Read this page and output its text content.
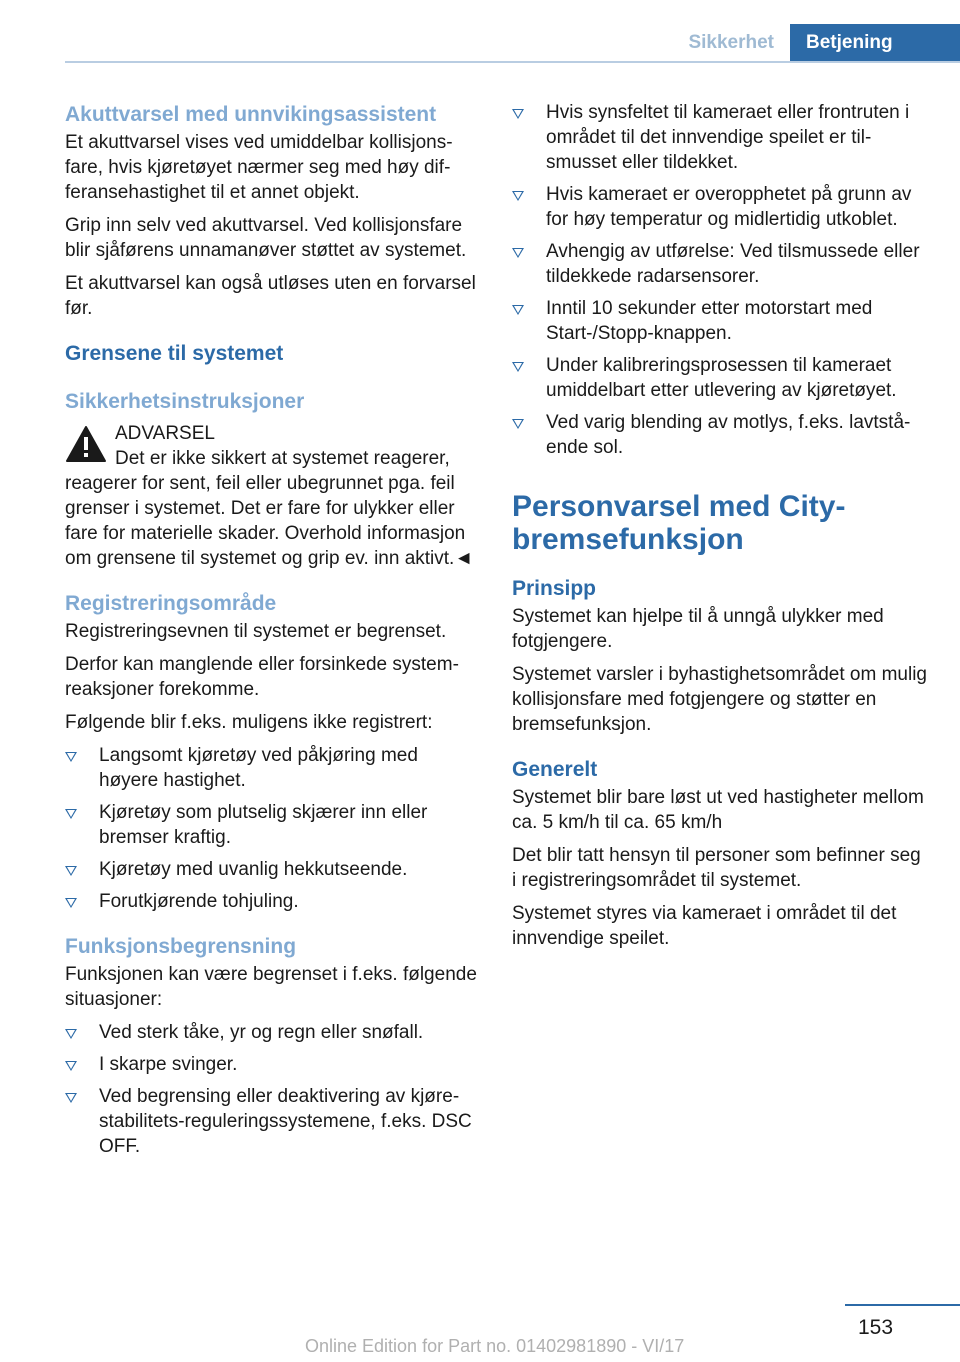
Sikkerhet	Betjening
Akuttvarsel med unnvikingsassistent

Et akuttvarsel vises ved umiddelbar kollisjonsfare, hvis kjøretøyet nærmer seg med høy differansehastighet til et annet objekt.

Grip inn selv ved akuttvarsel. Ved kollisjonsfare blir sjåførens unnamanøver støttet av systemet.

Et akuttvarsel kan også utløses uten en forvarsel før.

Grensene til systemet
Sikkerhetsinstruksjoner
ADVARSEL
Det er ikke sikkert at systemet reagerer,

reagerer for sent, feil eller ubegrunnet pga. feil grenser i systemet. Det er fare for ulykker eller fare for materielle skader. Overhold informasjon om grensene til systemet og grip ev. inn aktivt.◄

Registreringsområde

Registreringsevnen til systemet er begrenset.

Derfor kan manglende eller forsinkede systemreaksjoner forekomme.

Følgende blir f.eks. muligens ikke registrert:

Langsomt kjøretøy ved påkjøring med høyere hastighet.
Kjøretøy som plutselig skjærer inn eller bremser kraftig.
Kjøretøy med uvanlig hekkutseende.
Forutkjørende tohjuling.
Funksjonsbegrensning

Funksjonen kan være begrenset i f.eks. følgende situasjoner:

Ved sterk tåke, yr og regn eller snøfall.
I skarpe svinger.
Ved begrensing eller deaktivering av kjørestabilitets-reguleringssystemene, f.eks. DSC OFF.
Hvis synsfeltet til kameraet eller frontruten i området til det innvendige speilet er tilsmusset eller tildekket.
Hvis kameraet er overopphetet på grunn av for høy temperatur og midlertidig utkoblet.
Avhengig av utførelse: Ved tilsmussede eller tildekkede radarsensorer.
Inntil 10 sekunder etter motorstart med Start-/Stopp-knappen.
Under kalibreringsprosessen til kameraet umiddelbart etter utlevering av kjøretøyet.
Ved varig blending av motlys, f.eks. lavtstående sol.
Personvarsel med City-bremsefunksjon
Prinsipp

Systemet kan hjelpe til å unngå ulykker med fotgjengere.

Systemet varsler i byhastighetsområdet om mulig kollisjonsfare med fotgjengere og støtter en bremsefunksjon.

Generelt

Systemet blir bare løst ut ved hastigheter mellom ca. 5 km/h til ca. 65 km/h

Det blir tatt hensyn til personer som befinner seg i registreringsområdet til systemet.

Systemet styres via kameraet i området til det innvendige speilet.

153
Online Edition for Part no. 01402981890 - VI/17
